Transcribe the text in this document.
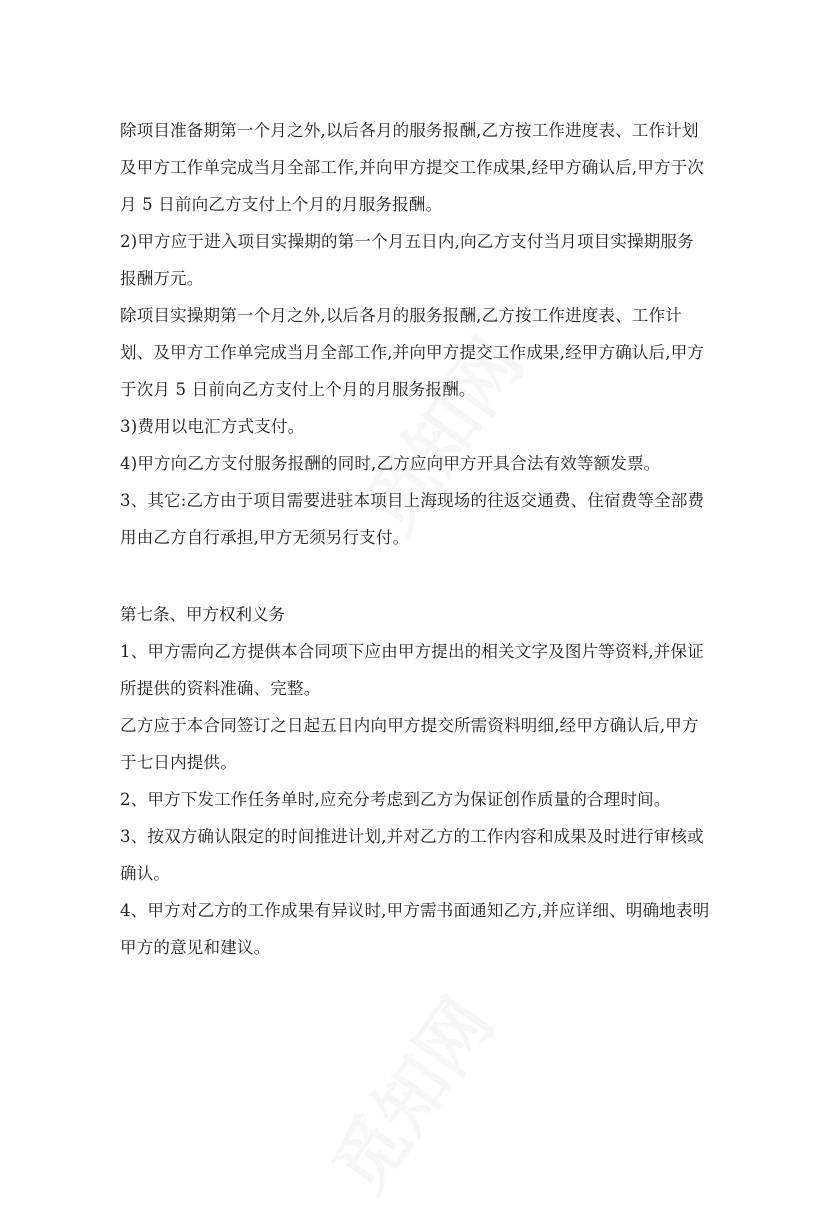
除项目准备期第一个月之外,以后各月的服务报酬,乙方按工作进度表、工作计划及甲方工作单完成当月全部工作,并向甲方提交工作成果,经甲方确认后,甲方于次月 5 日前向乙方支付上个月的月服务报酬。

2)甲方应于进入项目实操期的第一个月五日内,向乙方支付当月项目实操期服务报酬万元。

除项目实操期第一个月之外,以后各月的服务报酬,乙方按工作进度表、工作计划、及甲方工作单完成当月全部工作,并向甲方提交工作成果,经甲方确认后,甲方于次月 5 日前向乙方支付上个月的月服务报酬。

3)费用以电汇方式支付。

4)甲方向乙方支付服务报酬的同时,乙方应向甲方开具合法有效等额发票。

3、其它:乙方由于项目需要进驻本项目上海现场的往返交通费、住宿费等全部费用由乙方自行承担,甲方无须另行支付。

第七条、甲方权利义务

1、甲方需向乙方提供本合同项下应由甲方提出的相关文字及图片等资料,并保证所提供的资料准确、完整。

乙方应于本合同签订之日起五日内向甲方提交所需资料明细,经甲方确认后,甲方于七日内提供。

2、甲方下发工作任务单时,应充分考虑到乙方为保证创作质量的合理时间。

3、按双方确认限定的时间推进计划,并对乙方的工作内容和成果及时进行审核或确认。

4、甲方对乙方的工作成果有异议时,甲方需书面通知乙方,并应详细、明确地表明甲方的意见和建议。
